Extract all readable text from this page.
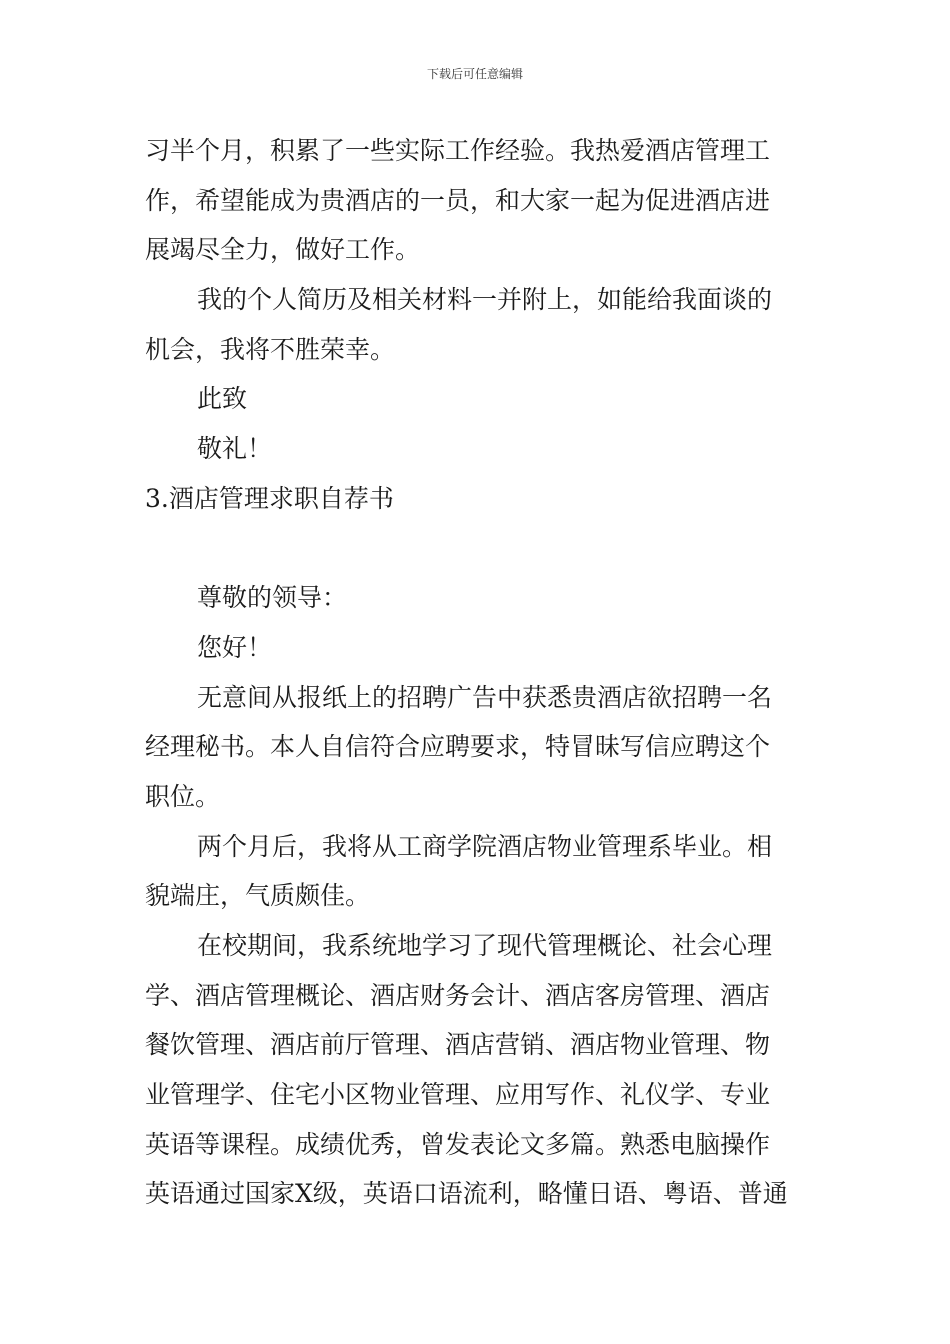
下载后可任意编辑
习半个月，积累了一些实际工作经验。我热爱酒店管理工
作，希望能成为贵酒店的一员，和大家一起为促进酒店进
展竭尽全力，做好工作。
我的个人简历及相关材料一并附上，如能给我面谈的
机会，我将不胜荣幸。
此致
敬礼！
3.酒店管理求职自荐书
尊敬的领导：
您好！
无意间从报纸上的招聘广告中获悉贵酒店欲招聘一名
经理秘书。本人自信符合应聘要求，特冒昧写信应聘这个
职位。
两个月后，我将从工商学院酒店物业管理系毕业。相
貌端庄，气质颇佳。
在校期间，我系统地学习了现代管理概论、社会心理
学、酒店管理概论、酒店财务会计、酒店客房管理、酒店
餐饮管理、酒店前厅管理、酒店营销、酒店物业管理、物
业管理学、住宅小区物业管理、应用写作、礼仪学、专业
英语等课程。成绩优秀，曾发表论文多篇。熟悉电脑操作
英语通过国家X级，英语口语流利，略懂日语、粤语、普通
